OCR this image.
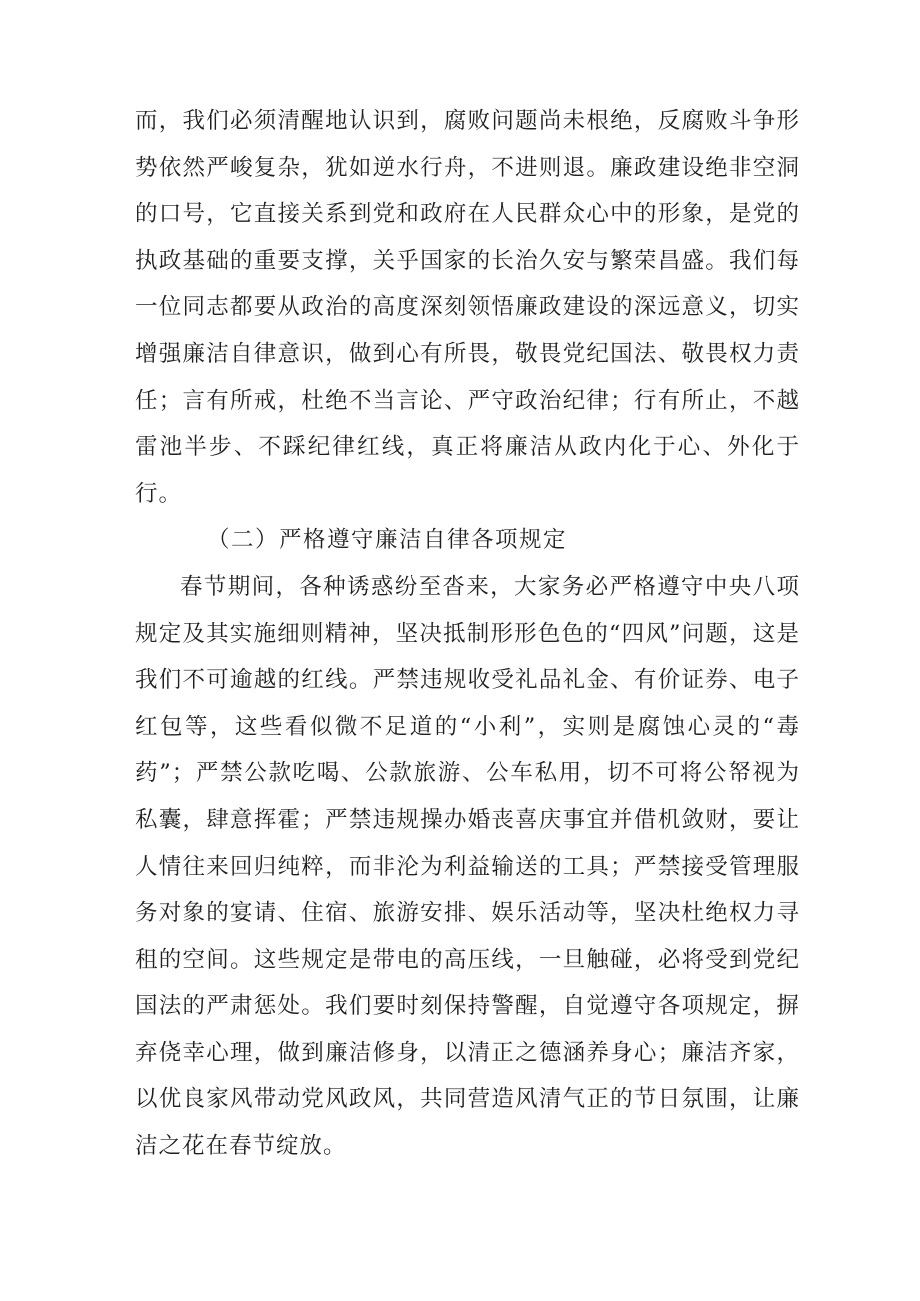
而，我们必须清醒地认识到，腐败问题尚未根绝，反腐败斗争形势依然严峻复杂，犹如逆水行舟，不进则退。廉政建设绝非空洞的口号，它直接关系到党和政府在人民群众心中的形象，是党的执政基础的重要支撑，关乎国家的长治久安与繁荣昌盛。我们每一位同志都要从政治的高度深刻领悟廉政建设的深远意义，切实增强廉洁自律意识，做到心有所畏，敬畏党纪国法、敬畏权力责任；言有所戒，杜绝不当言论、严守政治纪律；行有所止，不越雷池半步、不踩纪律红线，真正将廉洁从政内化于心、外化于行。

（二）严格遵守廉洁自律各项规定

春节期间，各种诱惑纷至沓来，大家务必严格遵守中央八项规定及其实施细则精神，坚决抵制形形色色的“四风”问题，这是我们不可逾越的红线。严禁违规收受礼品礼金、有价证券、电子红包等，这些看似微不足道的“小利”，实则是腐蚀心灵的“毒药”；严禁公款吃喝、公款旅游、公车私用，切不可将公帑视为私囊，肆意挥霍；严禁违规操办婚丧喜庆事宜并借机敛财，要让人情往来回归纯粹，而非沦为利益输送的工具；严禁接受管理服务对象的宴请、住宿、旅游安排、娱乐活动等，坚决杜绝权力寻租的空间。这些规定是带电的高压线，一旦触碰，必将受到党纪国法的严肃惩处。我们要时刻保持警醒，自觉遵守各项规定，摒弃侥幸心理，做到廉洁修身，以清正之德涵养身心；廉洁齐家，以优良家风带动党风政风，共同营造风清气正的节日氛围，让廉洁之花在春节绽放。
